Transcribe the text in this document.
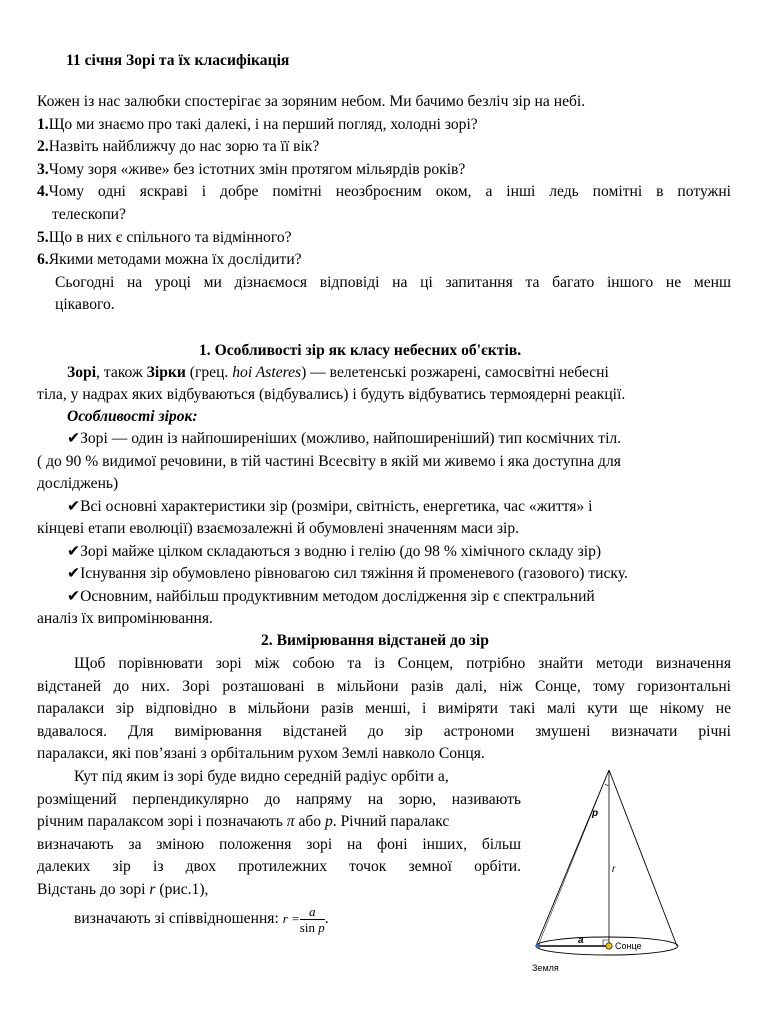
11 січня Зорі та їх класифікація
Кожен із нас залюбки спостерігає за зоряним небом. Ми бачимо безліч зір на небі.
1.Що ми знаємо про такі далекі, і на перший погляд, холодні зорі?
2.Назвіть найближчу до нас зорю та її вік?
3.Чому зоря «живе» без істотних змін протягом мільярдів років?
4. Чому одні яскраві і добре помітні неозброєним оком, а інші ледь помітні в потужні
телескопи?
5.Що в них є спільного та відмінного?
6.Якими методами можна їх дослідити?
Сьогодні на уроці ми дізнаємося відповіді на ці запитання та багато іншого не менш
цікавого.
1. Особливості зір як класу небесних об'єктів.
Зорі, також Зірки (грец. hoi Asteres) — велетенські розжарені, самосвітні небесні
тіла, у надрах яких відбуваються (відбувались) і будуть відбуватись термоядерні реакції.
Особливості зірок:
✔Зорі — один із найпоширеніших (можливо, найпоширеніший) тип космічних тіл.
( до 90 % видимої речовини, в тій частині Всесвіту в якій ми живемо і яка доступна для
досліджень)
✔Всі основні характеристики зір (розміри, світність, енергетика, час «життя» і
кінцеві етапи еволюції) взаємозалежні й обумовлені значенням маси зір.
✔Зорі майже цілком складаються з водню і гелію (до 98 % хімічного складу зір)
✔Існування зір обумовлено рівновагою сил тяжіння й променевого (газового) тиску.
✔Основним, найбільш продуктивним методом дослідження зір є спектральний
аналіз їх випромінювання.
2. Вимірювання відстаней до зір
Щоб порівнювати зорі між собою та із Сонцем, потрібно знайти методи визначення
відстаней до них. Зорі розташовані в мільйони разів далі, ніж Сонце, тому горизонтальні
паралакси зір відповідно в мільйони разів менші, і виміряти такі малі кути ще нікому не
вдавалося. Для вимірювання відстаней до зір астрономи змушені визначати річні
паралакси, які пов’язані з орбітальним рухом Землі навколо Сонця.
Кут під яким із зорі буде видно середній радіус орбіти а,
розміщений перпендикулярно до напряму на зорю, називають
річним паралаксом зорі і позначають π або p. Річний паралакс
визначають за зміною положення зорі на фоні інших, більш
далеких зір із двох протилежних точок земної орбіти.
Відстань до зорі r (рис.1),
визначають зі співвідношення: $r = \frac{a}{\text{sin p}}$ .
p
r
a	Сонце
Земля
